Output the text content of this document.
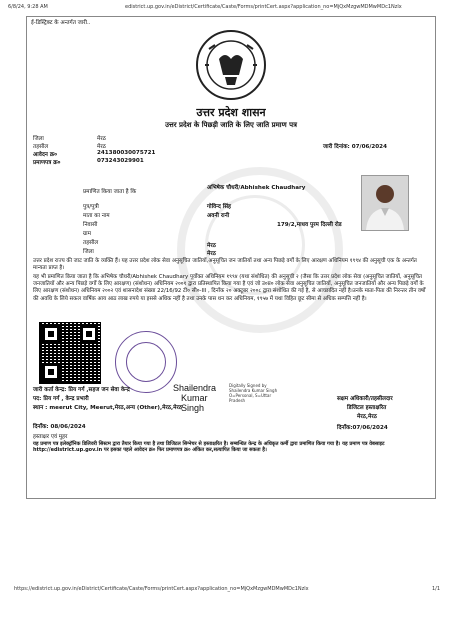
6/8/24, 9:28 AM	edistrict.up.gov.in/eDistrict/Certificate/Caste/Forms/printCert.aspx?application_no=MjQxMzgwMDMwMDc1Nzlx
ई-डिस्ट्रिक्ट के अन्तर्गत जारी..
उत्तर प्रदेश शासन
उत्तर प्रदेश के पिछड़ी जाति के लिए जाति प्रमाण पत्र
जिला	मेरठ
तहसील	मेरठ	जारी दिनांक: 07/06/2024
आवेदन क्र०	241380030075721
प्रमाणपत्र क्र०	073243029901
प्रमाणित किया जाता है कि
अभिषेक चौधरी/Abhishek Chaudhary
पुत्र/पुत्री	गोविन्द सिंह
माता का नाम	अवनी रानी
निवासी	179/2,माधव पुरम दिल्ली रोड
ग्राम
तहसील	मेरठ
जिला	मेरठ
उत्तर प्रदेश राज्य की जाट जाति के व्यक्ति हैं। यह उत्तर प्रदेश लोक सेवा अनुसूचित जातियों,अनुसूचित जन जातियों तथा अन्य पिछड़े वर्गों के लिए आरक्षण अधिनियम १९९४ की अनुसूची एक के अन्तर्गत मान्यता प्राप्त है।
यह भी प्रमाणित किया जाता है कि अभिषेक चौधरी/Abhishek Chaudhary पूर्वोक्त अधिनियम १९९४ (यथा संशोधित) की अनुसूची २ (जैसा कि उत्तर प्रदेश लोक सेवा (अनुसूचित जातियों, अनुसूचित जनजातियों और अन्य पिछड़े वर्गों के लिए आरक्षण) (संशोधन) अधिनियम २००१ द्वारा प्रतिस्थापित किया गया है एवं जो उ०प्र० लोक सेवा अनुसूचित जातियों, अनुसूचित जनजातियों और अन्य पिछड़े वर्गों के लिए आरक्षण (संशोधन) अधिनियम २००२ एवं शासनादेश संख्या 22/16/92 टी० सी०-III , दिनाँक २० अक्टूबर २००८ द्वारा संशोधित की गई है, से आच्छादित नहीं है।उनके माता-पिता की निरन्तर तीन वर्षों की अवधि के लिये सकल वार्षिक आय आठ लाख रुपये या इससे अधिक नहीं है तथा उनके पास धन कर अधिनियम, १९५७ में यथा विहित छूट सीमा से अधिक सम्पत्ति नहीं है।
जारी कर्ता केन्द्र: प्रिय गर्ग ,सहज जन सेवा केन्द्र
पद: प्रिय गर्ग , केन्द्र प्रभारी
स्थान : meerut City, Meerut,मेरठ,अन्य (Other),मेरठ,मेरठ
दिनाँक: 08/06/2024
हस्ताक्षर एवं मुहर
Shailendra
Kumar
Singh
Digitally Signed by
Shailendra Kumar Singh
O=Personal, S=Uttar
Pradesh	सक्षम अधिकारी/तहसीलदार
डिजिटल हस्ताक्षरित
मेरठ,मेरठ
दिनाँक:07/06/2024
यह प्रमाण पत्र इलेक्ट्रॉनिक डिलिवरी सिस्टम द्वारा तैयार किया गया है तथा डिजिटल सिग्नेचर से हस्ताक्षरित है। सम्बन्धित केन्द्र के अधिकृत कर्मी द्वारा प्रमाणित किया गया है। यह प्रमाण पत्र वेबसाइट http://edistrict.up.gov.in पर इसका पहले आवेदन क्र० फिर प्रमाणपत्र क्र० अंकित कर,सत्यापित किया जा सकता है।
https://edistrict.up.gov.in/eDistrict/Certificate/Caste/Forms/printCert.aspx?application_no=MjQxMzgwMDMwMDc1Nzlx	1/1
